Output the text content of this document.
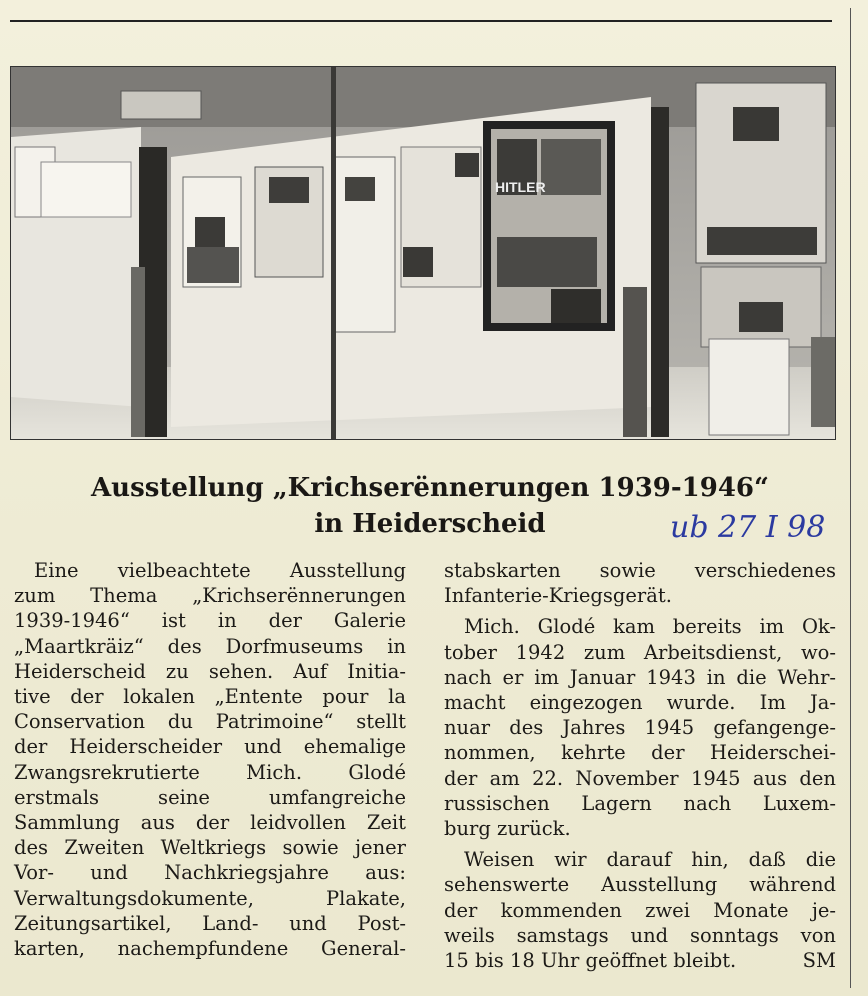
HITLER
Ausstellung „Krichserënnerungen 1939-1946“
in Heiderscheid	ub 27 I 98
Eine vielbeachtete Ausstellung
zum Thema „Krichserënnerungen
1939-1946“ ist in der Galerie
„Maartkräiz“ des Dorfmuseums in
Heiderscheid zu sehen. Auf Initia-
tive der lokalen „Entente pour la
Conservation du Patrimoine“ stellt
der Heiderscheider und ehemalige
Zwangsrekrutierte Mich. Glodé
erstmals seine umfangreiche
Sammlung aus der leidvollen Zeit
des Zweiten Weltkriegs sowie jener
Vor- und Nachkriegsjahre aus:
Verwaltungsdokumente, Plakate,
Zeitungsartikel, Land- und Post-
karten, nachempfundene General-
stabskarten sowie verschiedenes
Infanterie-Kriegsgerät.
Mich. Glodé kam bereits im Ok-
tober 1942 zum Arbeitsdienst, wo-
nach er im Januar 1943 in die Wehr-
macht eingezogen wurde. Im Ja-
nuar des Jahres 1945 gefangenge-
nommen, kehrte der Heiderschei-
der am 22. November 1945 aus den
russischen Lagern nach Luxem-
burg zurück.
Weisen wir darauf hin, daß die
sehenswerte Ausstellung während
der kommenden zwei Monate je-
weils samstags und sonntags von
15 bis 18 Uhr geöffnet bleibt.	SM
